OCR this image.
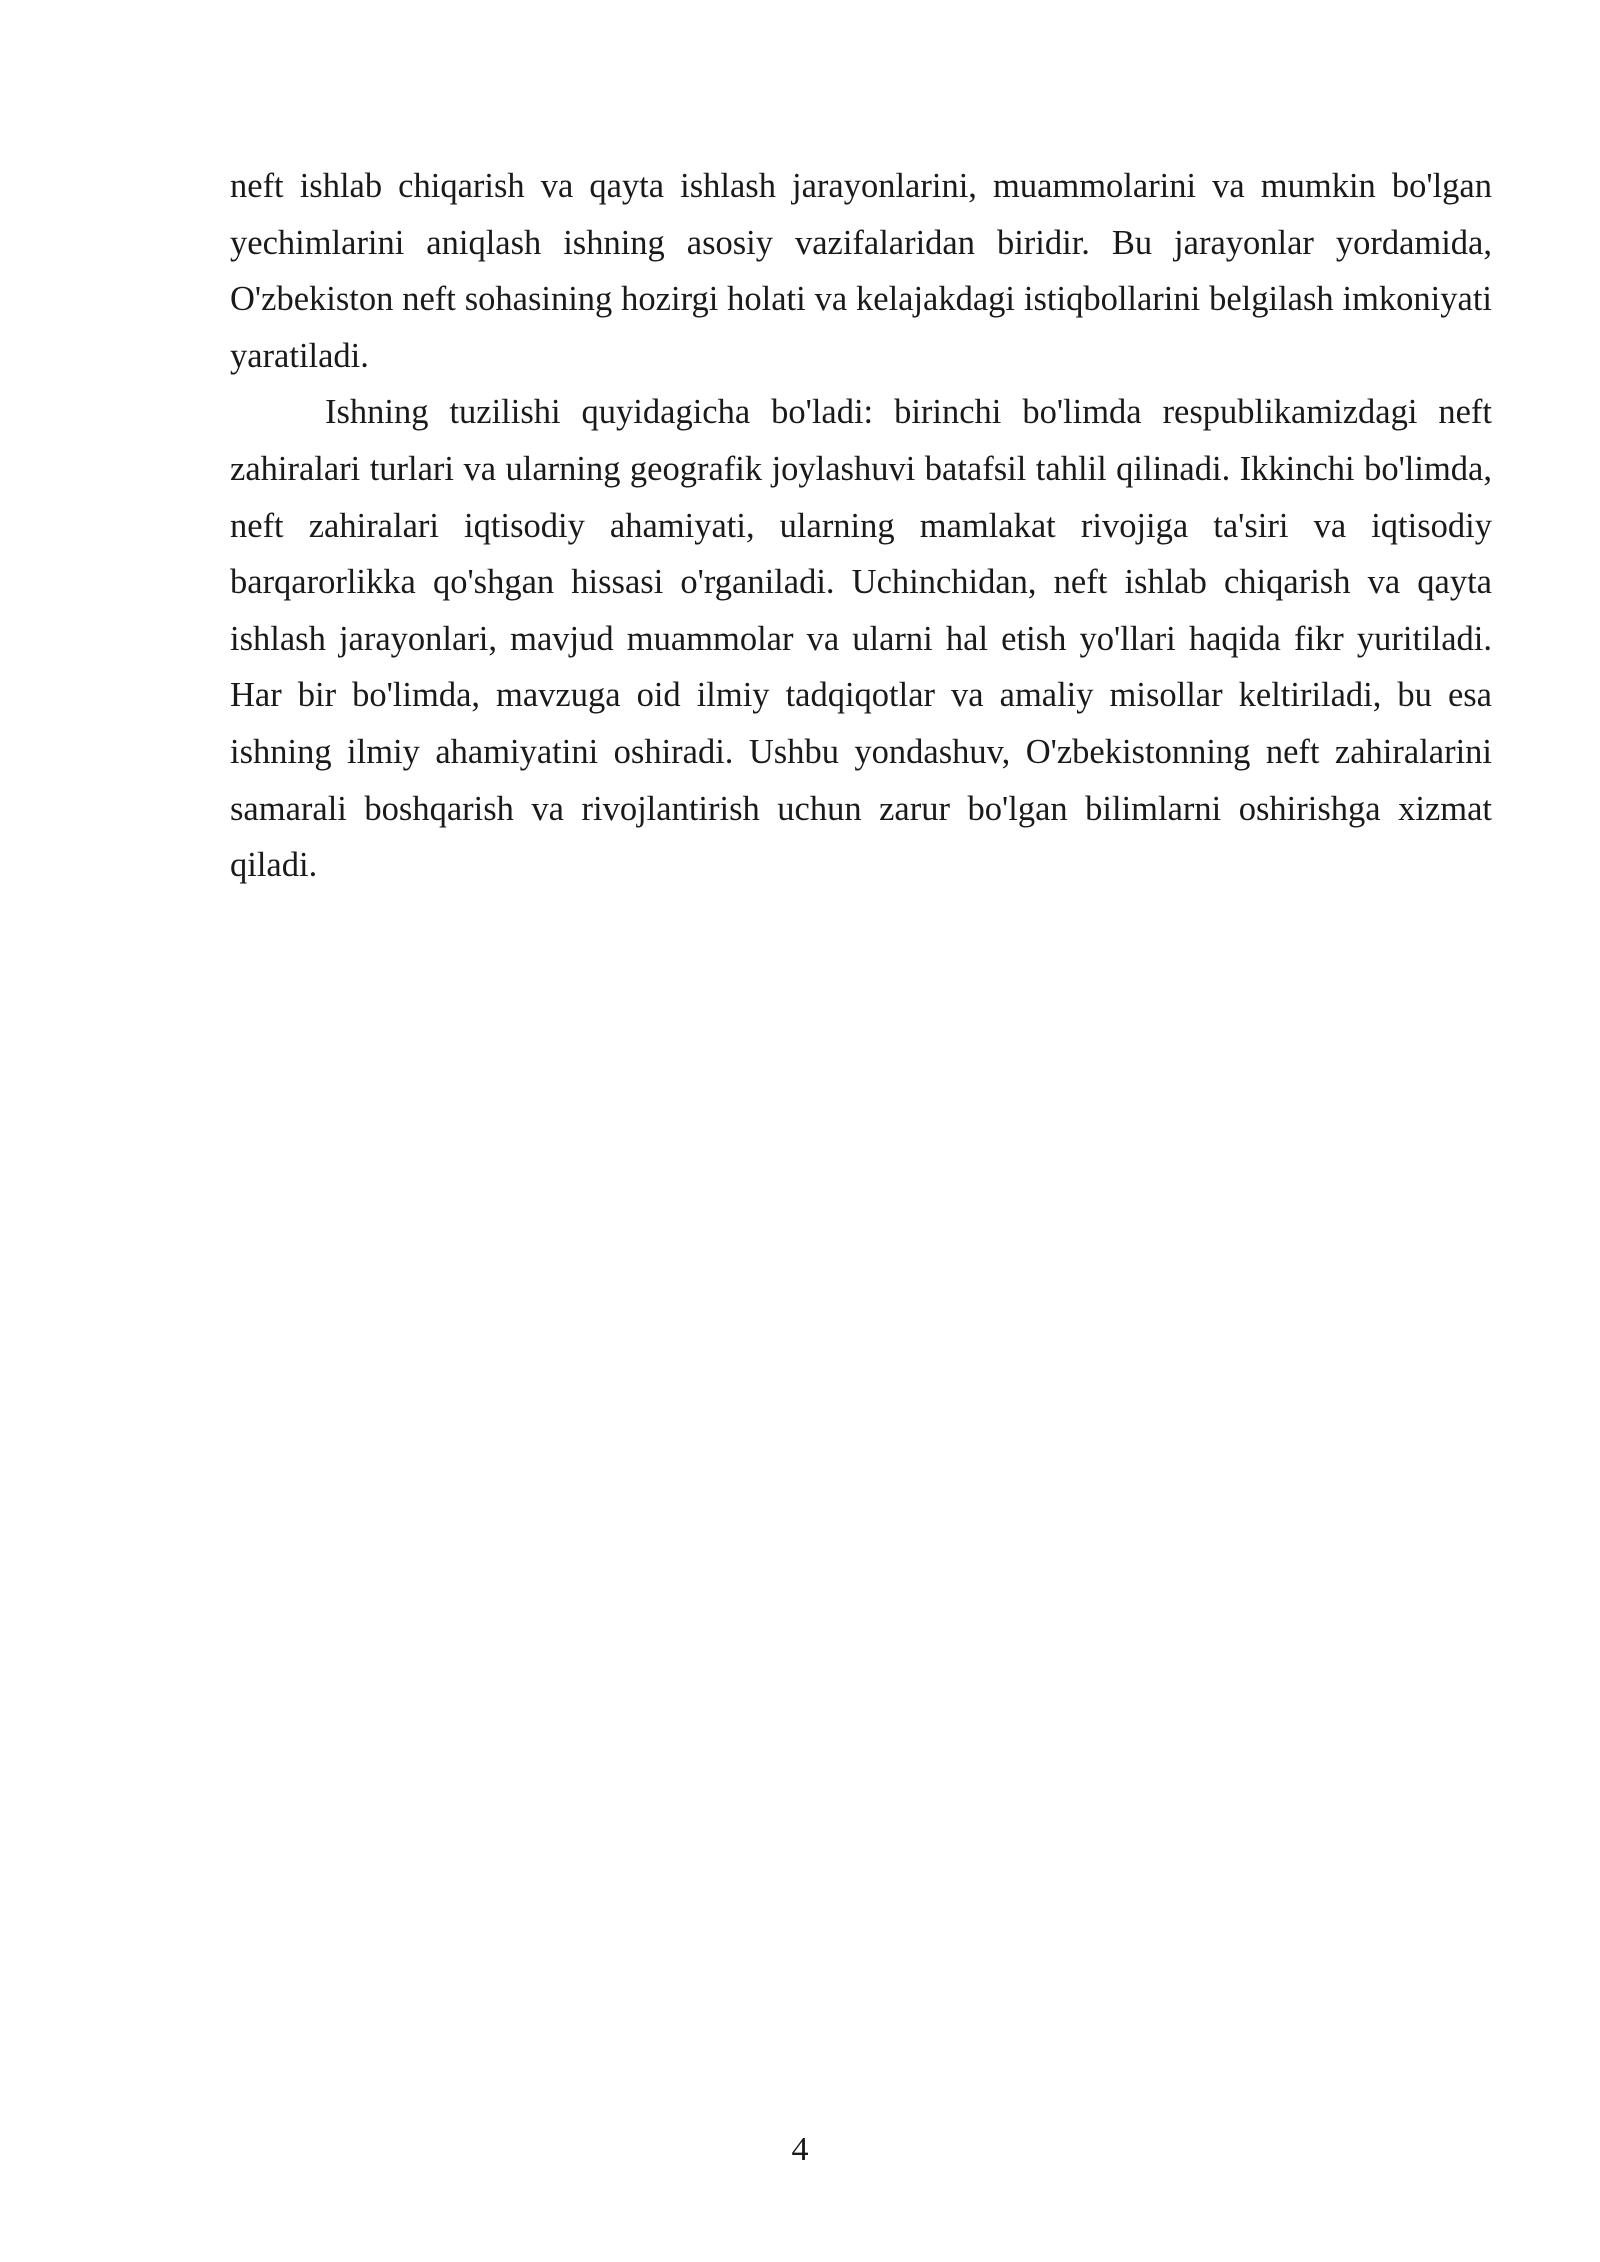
neft ishlab chiqarish va qayta ishlash jarayonlarini, muammolarini va mumkin bo'lgan yechimlarini aniqlash ishning asosiy vazifalaridan biridir. Bu jarayonlar yordamida, O'zbekiston neft sohasining hozirgi holati va kelajakdagi istiqbollarini belgilash imkoniyati yaratiladi.

Ishning tuzilishi quyidagicha bo'ladi: birinchi bo'limda respublikamizdagi neft zahiralari turlari va ularning geografik joylashuvi batafsil tahlil qilinadi. Ikkinchi bo'limda, neft zahiralari iqtisodiy ahamiyati, ularning mamlakat rivojiga ta'siri va iqtisodiy barqarorlikka qo'shgan hissasi o'rganiladi. Uchinchidan, neft ishlab chiqarish va qayta ishlash jarayonlari, mavjud muammolar va ularni hal etish yo'llari haqida fikr yuritiladi. Har bir bo'limda, mavzuga oid ilmiy tadqiqotlar va amaliy misollar keltiriladi, bu esa ishning ilmiy ahamiyatini oshiradi. Ushbu yondashuv, O'zbekistonning neft zahiralarini samarali boshqarish va rivojlantirish uchun zarur bo'lgan bilimlarni oshirishga xizmat qiladi.

4
